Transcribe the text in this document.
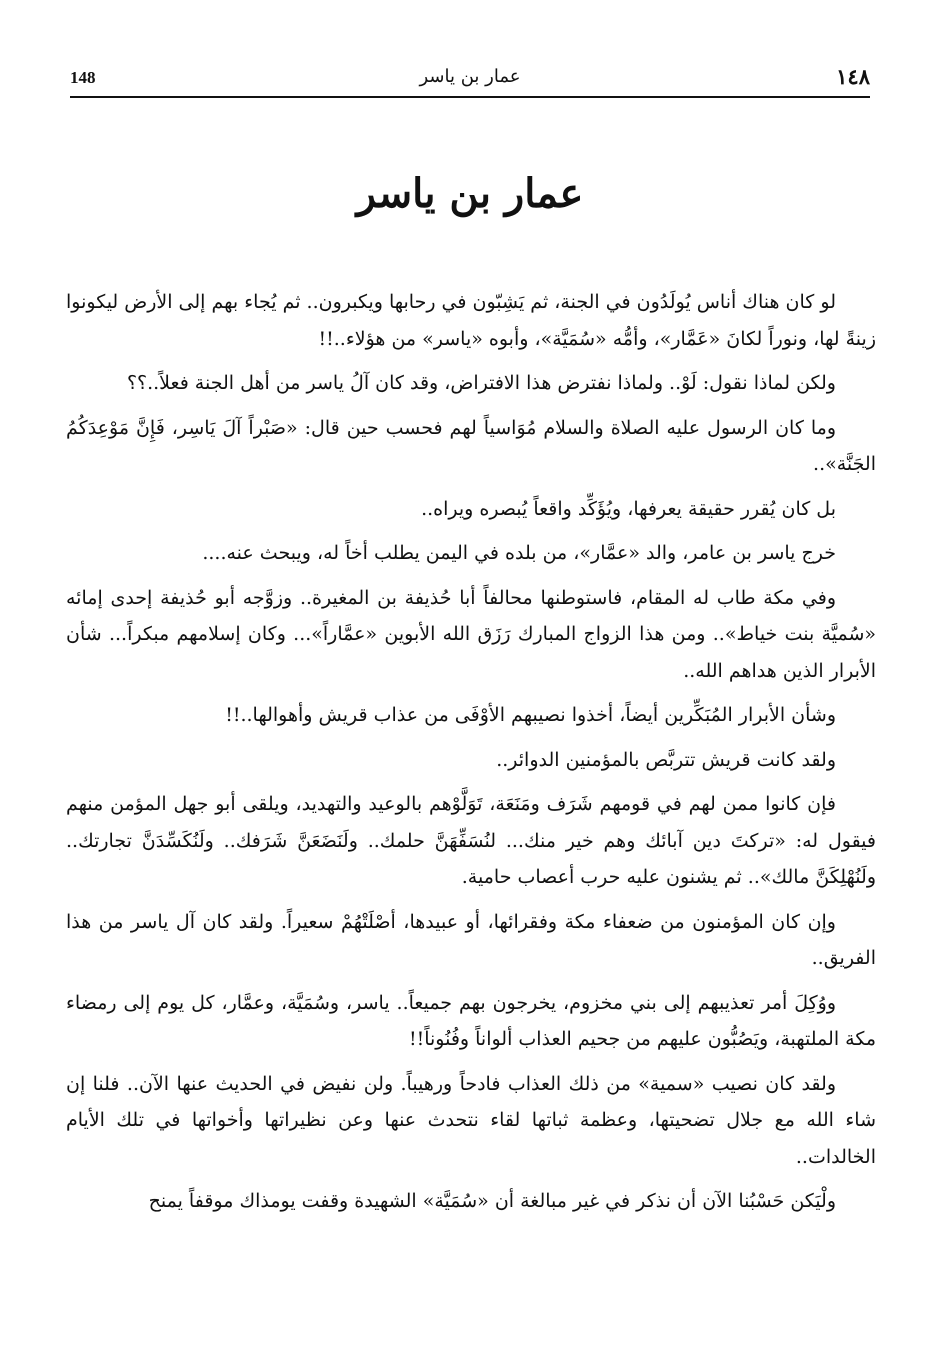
148	عمار بن ياسر	١٤٨
عمار بن ياسر

لو كان هناك أناس يُولَدُون في الجنة، ثم يَشِبّون في رحابها ويكبرون.. ثم يُجاء بهم إلى الأرض ليكونوا زينةً لها، ونوراً لكانَ «عَمَّار»، وأمُّه «سُمَيَّة»، وأبوه «ياسر» من هؤلاء..!!

ولكن لماذا نقول: لَوْ.. ولماذا نفترض هذا الافتراض، وقد كان آلُ ياسر من أهل الجنة فعلاً..؟؟

وما كان الرسول عليه الصلاة والسلام مُوَاسياً لهم فحسب حين قال: «صَبْراً آلَ يَاسِر، فَإِنَّ مَوْعِدَكُمُ الجَنَّة»..

بل كان يُقرر حقيقة يعرفها، ويُؤَكِّد واقعاً يُبصره ويراه..

خرج ياسر بن عامر، والد «عمَّار»، من بلده في اليمن يطلب أخاً له، ويبحث عنه....

وفي مكة طاب له المقام، فاستوطنها محالفاً أبا حُذيفة بن المغيرة.. وزوَّجه أبو حُذيفة إحدى إمائه «سُميَّة بنت خياط».. ومن هذا الزواج المبارك رَزَق الله الأبوين «عمَّاراً»... وكان إسلامهم مبكراً... شأن الأبرار الذين هداهم الله..

وشأن الأبرار المُبَكِّرين أيضاً، أخذوا نصيبهم الأوْفَى من عذاب قريش وأهوالها..!!

ولقد كانت قريش تتربَّص بالمؤمنين الدوائر..

فإن كانوا ممن لهم في قومهم شَرَف ومَنَعَة، تَوَلَّوْهم بالوعيد والتهديد، ويلقى أبو جهل المؤمن منهم فيقول له: «تركتَ دين آبائك وهم خير منك... لنُسَفِّهَنَّ حلمك.. ولَنَضَعَنَّ شَرَفك.. ولَنُكَسِّدَنَّ تجارتك.. ولَنُهْلِكَنَّ مالك».. ثم يشنون عليه حرب أعصاب حامية.

وإن كان المؤمنون من ضعفاء مكة وفقرائها، أو عبيدها، أصْلَتْهُمْ سعيراً. ولقد كان آل ياسر من هذا الفريق..

ووُكِلَ أمر تعذيبهم إلى بني مخزوم، يخرجون بهم جميعاً.. ياسر، وسُمَيَّة، وعمَّار، كل يوم إلى رمضاء مكة الملتهبة، ويَصُبُّون عليهم من جحيم العذاب ألواناً وفُنُوناً!!

ولقد كان نصيب «سمية» من ذلك العذاب فادحاً ورهيباً. ولن نفيض في الحديث عنها الآن.. فلنا إن شاء الله مع جلال تضحيتها، وعظمة ثباتها لقاء نتحدث عنها وعن نظيراتها وأخواتها في تلك الأيام الخالدات..

ولْيَكن حَسْبُنا الآن أن نذكر في غير مبالغة أن «سُمَيَّة» الشهيدة وقفت يومذاك موقفاً يمنح
